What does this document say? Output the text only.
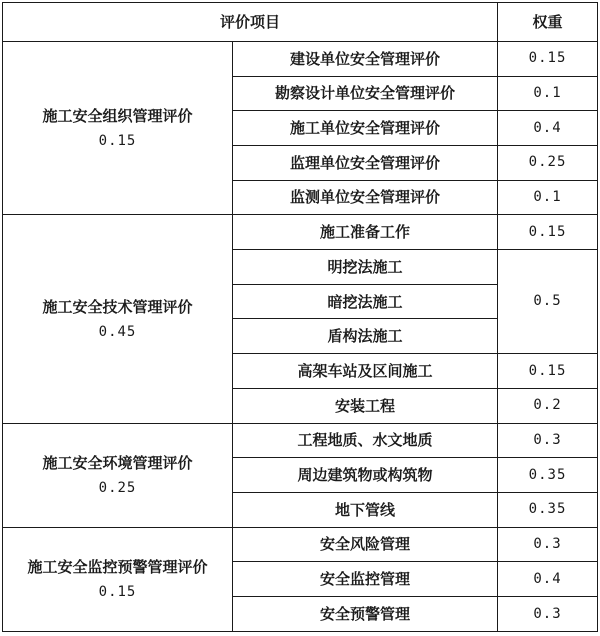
评价项目		权重

施工安全组织管理评价
0.15	建设单位安全管理评价	0.15
	勘察设计单位安全管理评价	0.1
	施工单位安全管理评价	0.4
	监理单位安全管理评价	0.25
	监测单位安全管理评价	0.1

施工安全技术管理评价
0.45	施工准备工作	0.15
	明挖法施工	0.5
	暗挖法施工	
	盾构法施工	
	高架车站及区间施工	0.15
	安装工程	0.2

施工安全环境管理评价
0.25	工程地质、水文地质	0.3
	周边建筑物或构筑物	0.35
	地下管线	0.35

施工安全监控预警管理评价
0.15	安全风险管理	0.3
	安全监控管理	0.4
	安全预警管理	0.3
